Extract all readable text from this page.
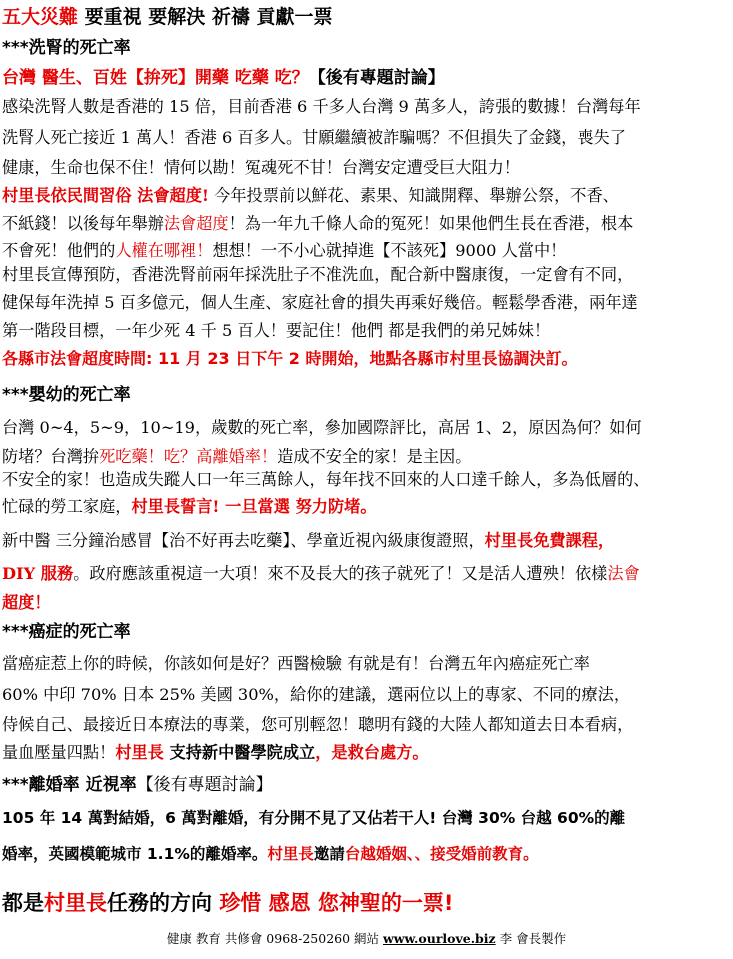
五大災難 要重視 要解決 祈禱 貢獻一票
***洗腎的死亡率
台灣 醫生、百姓【拚死】開藥 吃藥 吃？【後有專題討論】
感染洗腎人數是香港的 15 倍，目前香港 6 千多人台灣 9 萬多人，誇張的數據！台灣每年
洗腎人死亡接近 1 萬人！香港 6 百多人。甘願繼續被詐騙嗎？不但損失了金錢，喪失了
健康，生命也保不住！情何以勘！冤魂死不甘！台灣安定遭受巨大阻力！
村里長依民間習俗 法會超度! 今年投票前以鮮花、素果、知識開釋、舉辦公祭，不香、
不紙錢！以後每年舉辦法會超度！為一年九千條人命的冤死！如果他們生長在香港，根本
不會死！他們的人權在哪裡！想想！一不小心就掉進【不該死】9000 人當中！
村里長宣傳預防，香港洗腎前兩年採洗肚子不准洗血，配合新中醫康復，一定會有不同，
健保每年洗掉 5 百多億元，個人生產、家庭社會的損失再乘好幾倍。輕鬆學香港，兩年達
第一階段目標，一年少死 4 千 5 百人！要記住！他們 都是我們的弟兄姊妹！
各縣市法會超度時間: 11 月 23 日下午 2 時開始，地點各縣市村里長協調決訂。
***嬰幼的死亡率
台灣 0~4，5~9，10~19，歲數的死亡率，參加國際評比，高居 1、2，原因為何？如何
防堵？台灣拚死吃藥！吃？高離婚率！造成不安全的家！是主因。
不安全的家！也造成失蹤人口一年三萬餘人，每年找不回來的人口達千餘人，多為低層的、
忙碌的勞工家庭，村里長誓言! 一旦當選 努力防堵。
新中醫 三分鐘治感冒【治不好再去吃藥】、學童近視內級康復證照，村里長免費課程，
DIY 服務。政府應該重視這一大項！來不及長大的孩子就死了！又是活人遭殃！依樣法會
超度！
***癌症的死亡率
當癌症惹上你的時候，你該如何是好？西醫檢驗 有就是有！台灣五年內癌症死亡率
60% 中印 70% 日本 25% 美國 30%，給你的建議，選兩位以上的專家、不同的療法，
侍候自己、最接近日本療法的專業，您可別輕忽！聰明有錢的大陸人都知道去日本看病，
量血壓量四點！村里長 支持新中醫學院成立，是救台處方。
***離婚率 近視率【後有專題討論】
105 年 14 萬對結婚，6 萬對離婚，有分開不見了又佔若干人! 台灣 30% 台越 60%的離
婚率，英國模範城市 1.1%的離婚率。村里長邀請台越婚姻、、接受婚前教育。
都是村里長任務的方向 珍惜 感恩 您神聖的一票!
健康 教育 共修會 0968-250260 網站 www.ourlove.biz 李 會長製作
